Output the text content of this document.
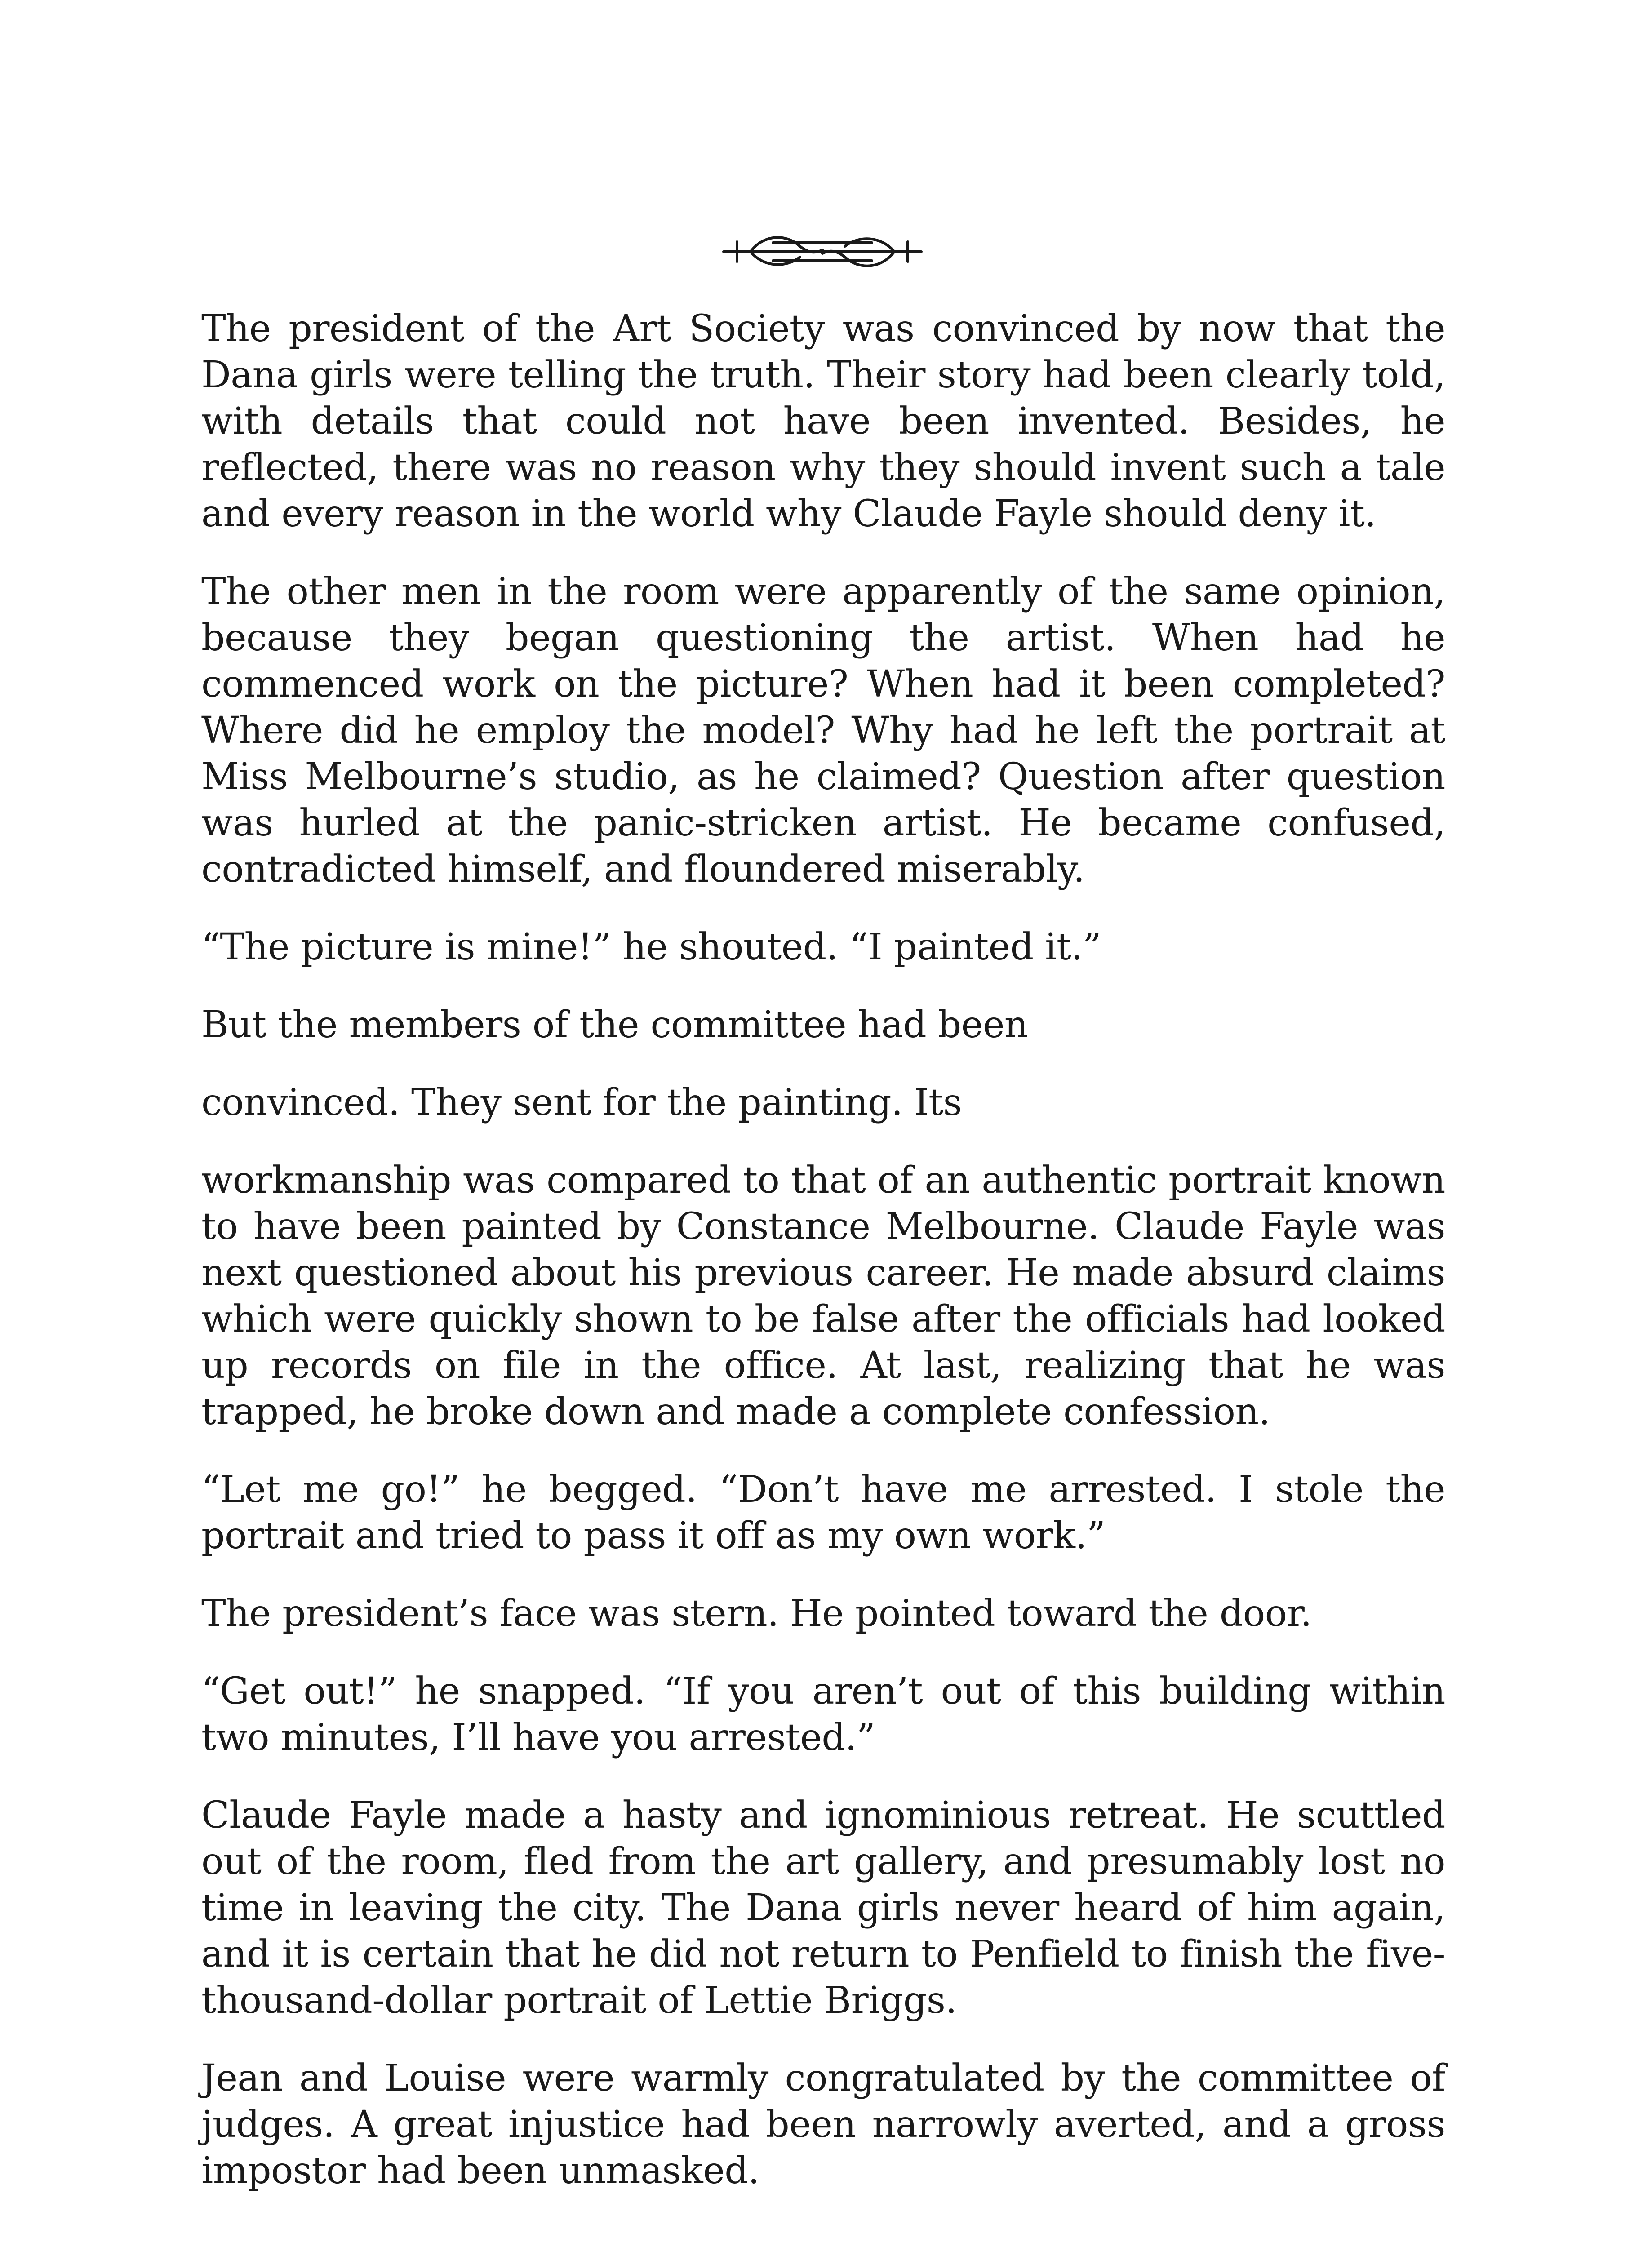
The president of the Art Society was convinced by now that the Dana girls were telling the truth. Their story had been clearly told, with details that could not have been invented. Besides, he reflected, there was no reason why they should invent such a tale and every reason in the world why Claude Fayle should deny it.

The other men in the room were apparently of the same opinion, because they began questioning the artist. When had he commenced work on the picture? When had it been completed? Where did he employ the model? Why had he left the portrait at Miss Melbourne’s studio, as he claimed? Question after question was hurled at the panic-stricken artist. He became confused, contradicted himself, and floundered miserably.

“The picture is mine!” he shouted. “I painted it.”

But the members of the committee had been

convinced. They sent for the painting. Its

workmanship was compared to that of an authentic portrait known to have been painted by Constance Melbourne. Claude Fayle was next questioned about his previous career. He made absurd claims which were quickly shown to be false after the officials had looked up records on file in the office. At last, realizing that he was trapped, he broke down and made a complete confession.

“Let me go!” he begged. “Don’t have me arrested. I stole the portrait and tried to pass it off as my own work.”

The president’s face was stern. He pointed toward the door.

“Get out!” he snapped. “If you aren’t out of this building within two minutes, I’ll have you arrested.”

Claude Fayle made a hasty and ignominious retreat. He scuttled out of the room, fled from the art gallery, and presumably lost no time in leaving the city. The Dana girls never heard of him again, and it is certain that he did not return to Penfield to finish the five-thousand-dollar portrait of Lettie Briggs.

Jean and Louise were warmly congratulated by the committee of judges. A great injustice had been narrowly averted, and a gross impostor had been unmasked.
